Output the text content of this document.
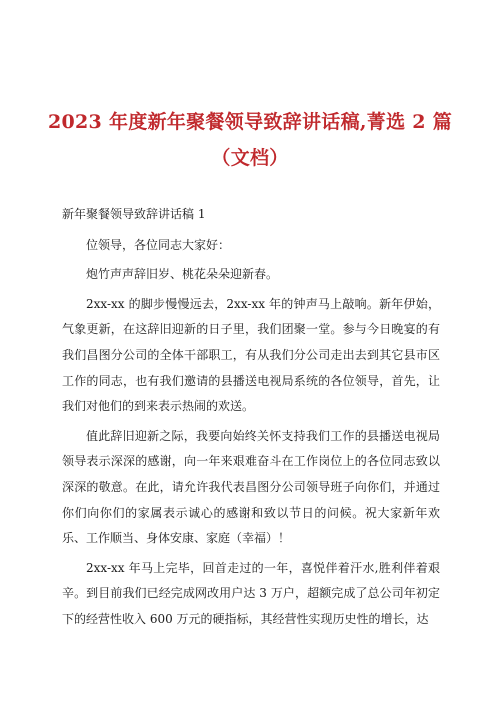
2023 年度新年聚餐领导致辞讲话稿,菁选 2 篇
（文档）

新年聚餐领导致辞讲话稿 1

位领导，各位同志大家好：

炮竹声声辞旧岁、桃花朵朵迎新春。

2xx-xx 的脚步慢慢远去，2xx-xx 年的钟声马上敲响。新年伊始，气象更新，在这辞旧迎新的日子里，我们团聚一堂。参与今日晚宴的有我们昌图分公司的全体干部职工，有从我们分公司走出去到其它县市区工作的同志，也有我们邀请的县播送电视局系统的各位领导，首先，让我们对他们的到来表示热闹的欢送。

值此辞旧迎新之际，我要向始终关怀支持我们工作的县播送电视局领导表示深深的感谢，向一年来艰难奋斗在工作岗位上的各位同志致以深深的敬意。在此，请允许我代表昌图分公司领导班子向你们，并通过你们向你们的家属表示诚心的感谢和致以节日的问候。祝大家新年欢乐、工作顺当、身体安康、家庭（幸福）！

2xx-xx 年马上完毕，回首走过的一年，喜悦伴着汗水,胜利伴着艰辛。到目前我们已经完成网改用户达 3 万户，超额完成了总公司年初定下的经营性收入 600 万元的硬指标，其经营性实现历史性的增长，达
